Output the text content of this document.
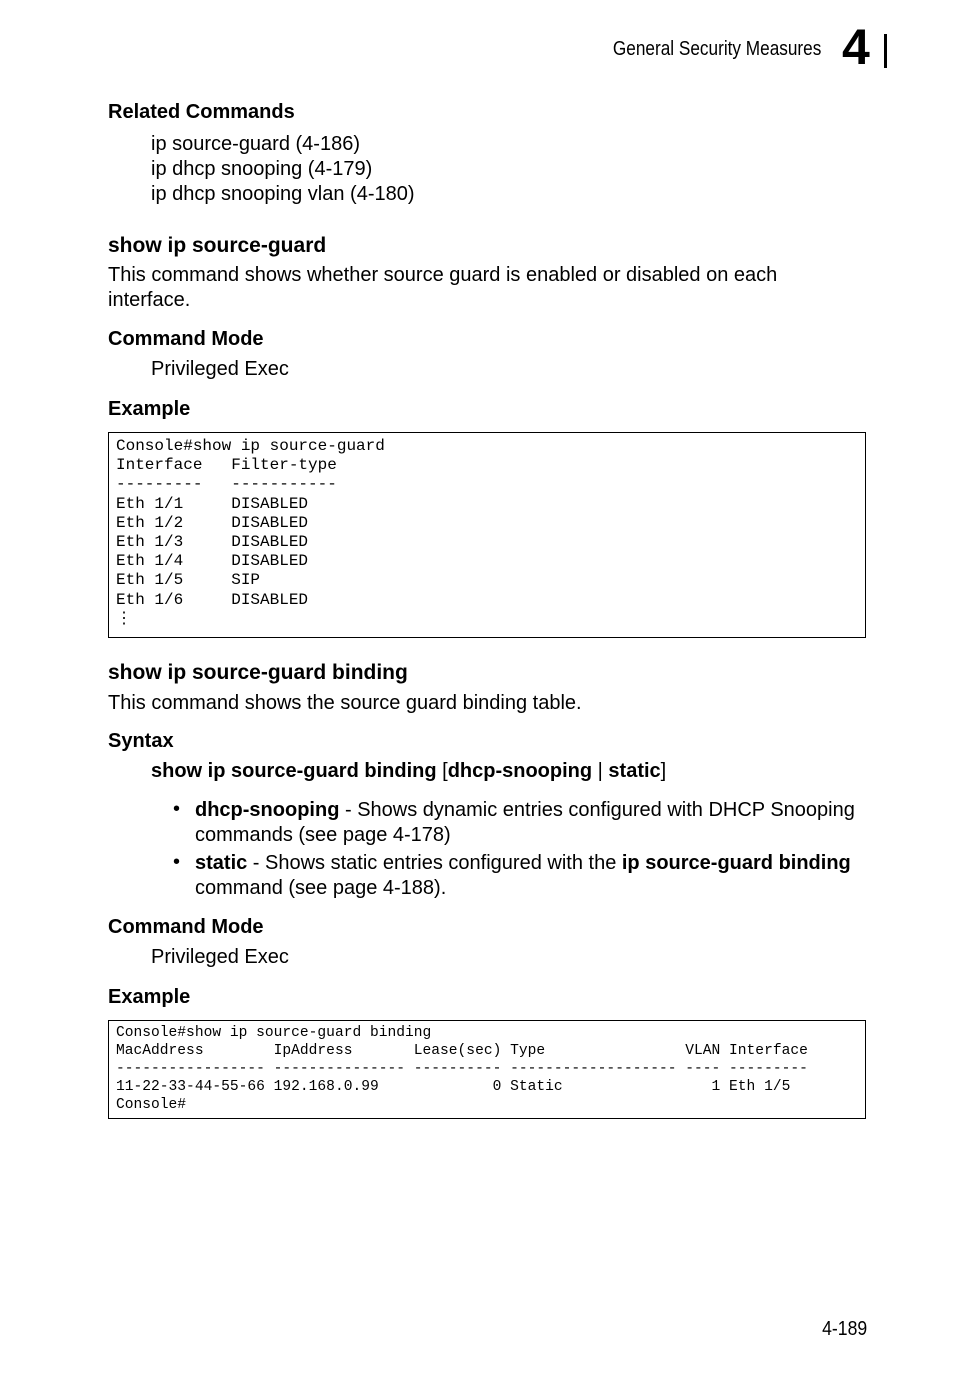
General Security Measures 4
Related Commands
ip source-guard (4-186)
ip dhcp snooping (4-179)
ip dhcp snooping vlan (4-180)
show ip source-guard
This command shows whether source guard is enabled or disabled on each interface.
Command Mode
Privileged Exec
Example
Console#show ip source-guard
Interface   Filter-type
---------   -----------
Eth 1/1     DISABLED
Eth 1/2     DISABLED
Eth 1/3     DISABLED
Eth 1/4     DISABLED
Eth 1/5     SIP
Eth 1/6     DISABLED
⋮
show ip source-guard binding
This command shows the source guard binding table.
Syntax
show ip source-guard binding [dhcp-snooping | static]
• dhcp-snooping - Shows dynamic entries configured with DHCP Snooping commands (see page 4-178)
• static - Shows static entries configured with the ip source-guard binding command (see page 4-188).
Command Mode
Privileged Exec
Example
Console#show ip source-guard binding
MacAddress        IpAddress       Lease(sec) Type                VLAN Interface
----------------- --------------- ---------- ------------------- ---- ---------
11-22-33-44-55-66 192.168.0.99             0 Static                 1 Eth 1/5
Console#
4-189
